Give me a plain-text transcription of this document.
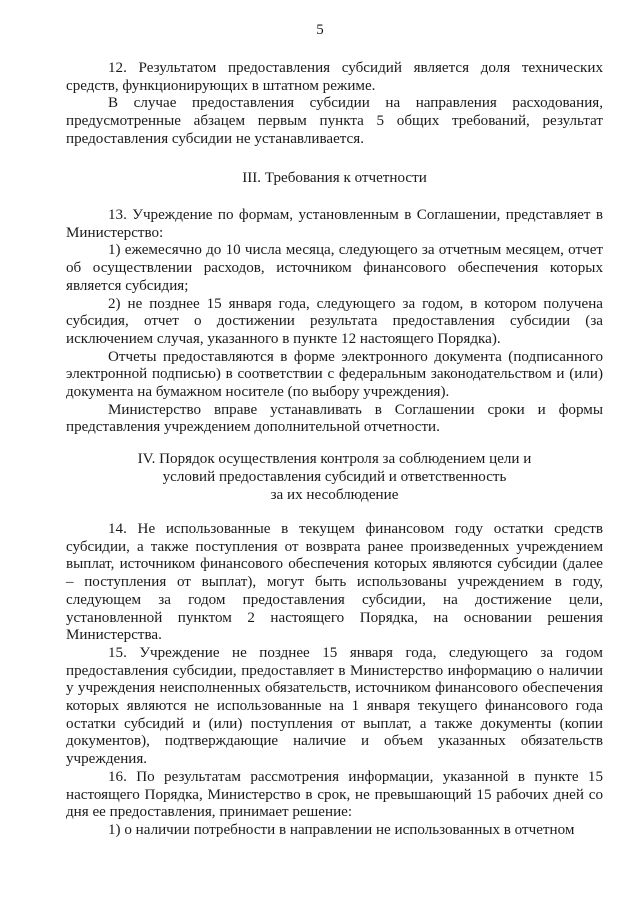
5

12. Результатом предоставления субсидий является доля технических средств, функционирующих в штатном режиме.

В случае предоставления субсидии на направления расходования, предусмотренные абзацем первым пункта 5 общих требований, результат предоставления субсидии не устанавливается.

III. Требования к отчетности

13. Учреждение по формам, установленным в Соглашении, представляет в Министерство:

1) ежемесячно до 10 числа месяца, следующего за отчетным месяцем, отчет об осуществлении расходов, источником финансового обеспечения которых является субсидия;

2) не позднее 15 января года, следующего за годом, в котором получена субсидия, отчет о достижении результата предоставления субсидии (за исключением случая, указанного в пункте 12 настоящего Порядка).

Отчеты предоставляются в форме электронного документа (подписанного электронной подписью) в соответствии с федеральным законодательством и (или) документа на бумажном носителе (по выбору учреждения).

Министерство вправе устанавливать в Соглашении сроки и формы представления учреждением дополнительной отчетности.

IV. Порядок осуществления контроля за соблюдением цели и
условий предоставления субсидий и ответственность
за их несоблюдение

14. Не использованные в текущем финансовом году остатки средств субсидии, а также поступления от возврата ранее произведенных учреждением выплат, источником финансового обеспечения которых являются субсидии (далее – поступления от выплат), могут быть использованы учреждением в году, следующем за годом предоставления субсидии, на достижение цели, установленной пунктом 2 настоящего Порядка, на основании решения Министерства.

15. Учреждение не позднее 15 января года, следующего за годом предоставления субсидии, предоставляет в Министерство информацию о наличии у учреждения неисполненных обязательств, источником финансового обеспечения которых являются не использованные на 1 января текущего финансового года остатки субсидий и (или) поступления от выплат, а также документы (копии документов), подтверждающие наличие и объем указанных обязательств учреждения.

16. По результатам рассмотрения информации, указанной в пункте 15 настоящего Порядка, Министерство в срок, не превышающий 15 рабочих дней со дня ее предоставления, принимает решение:

1) о наличии потребности в направлении не использованных в отчетном
